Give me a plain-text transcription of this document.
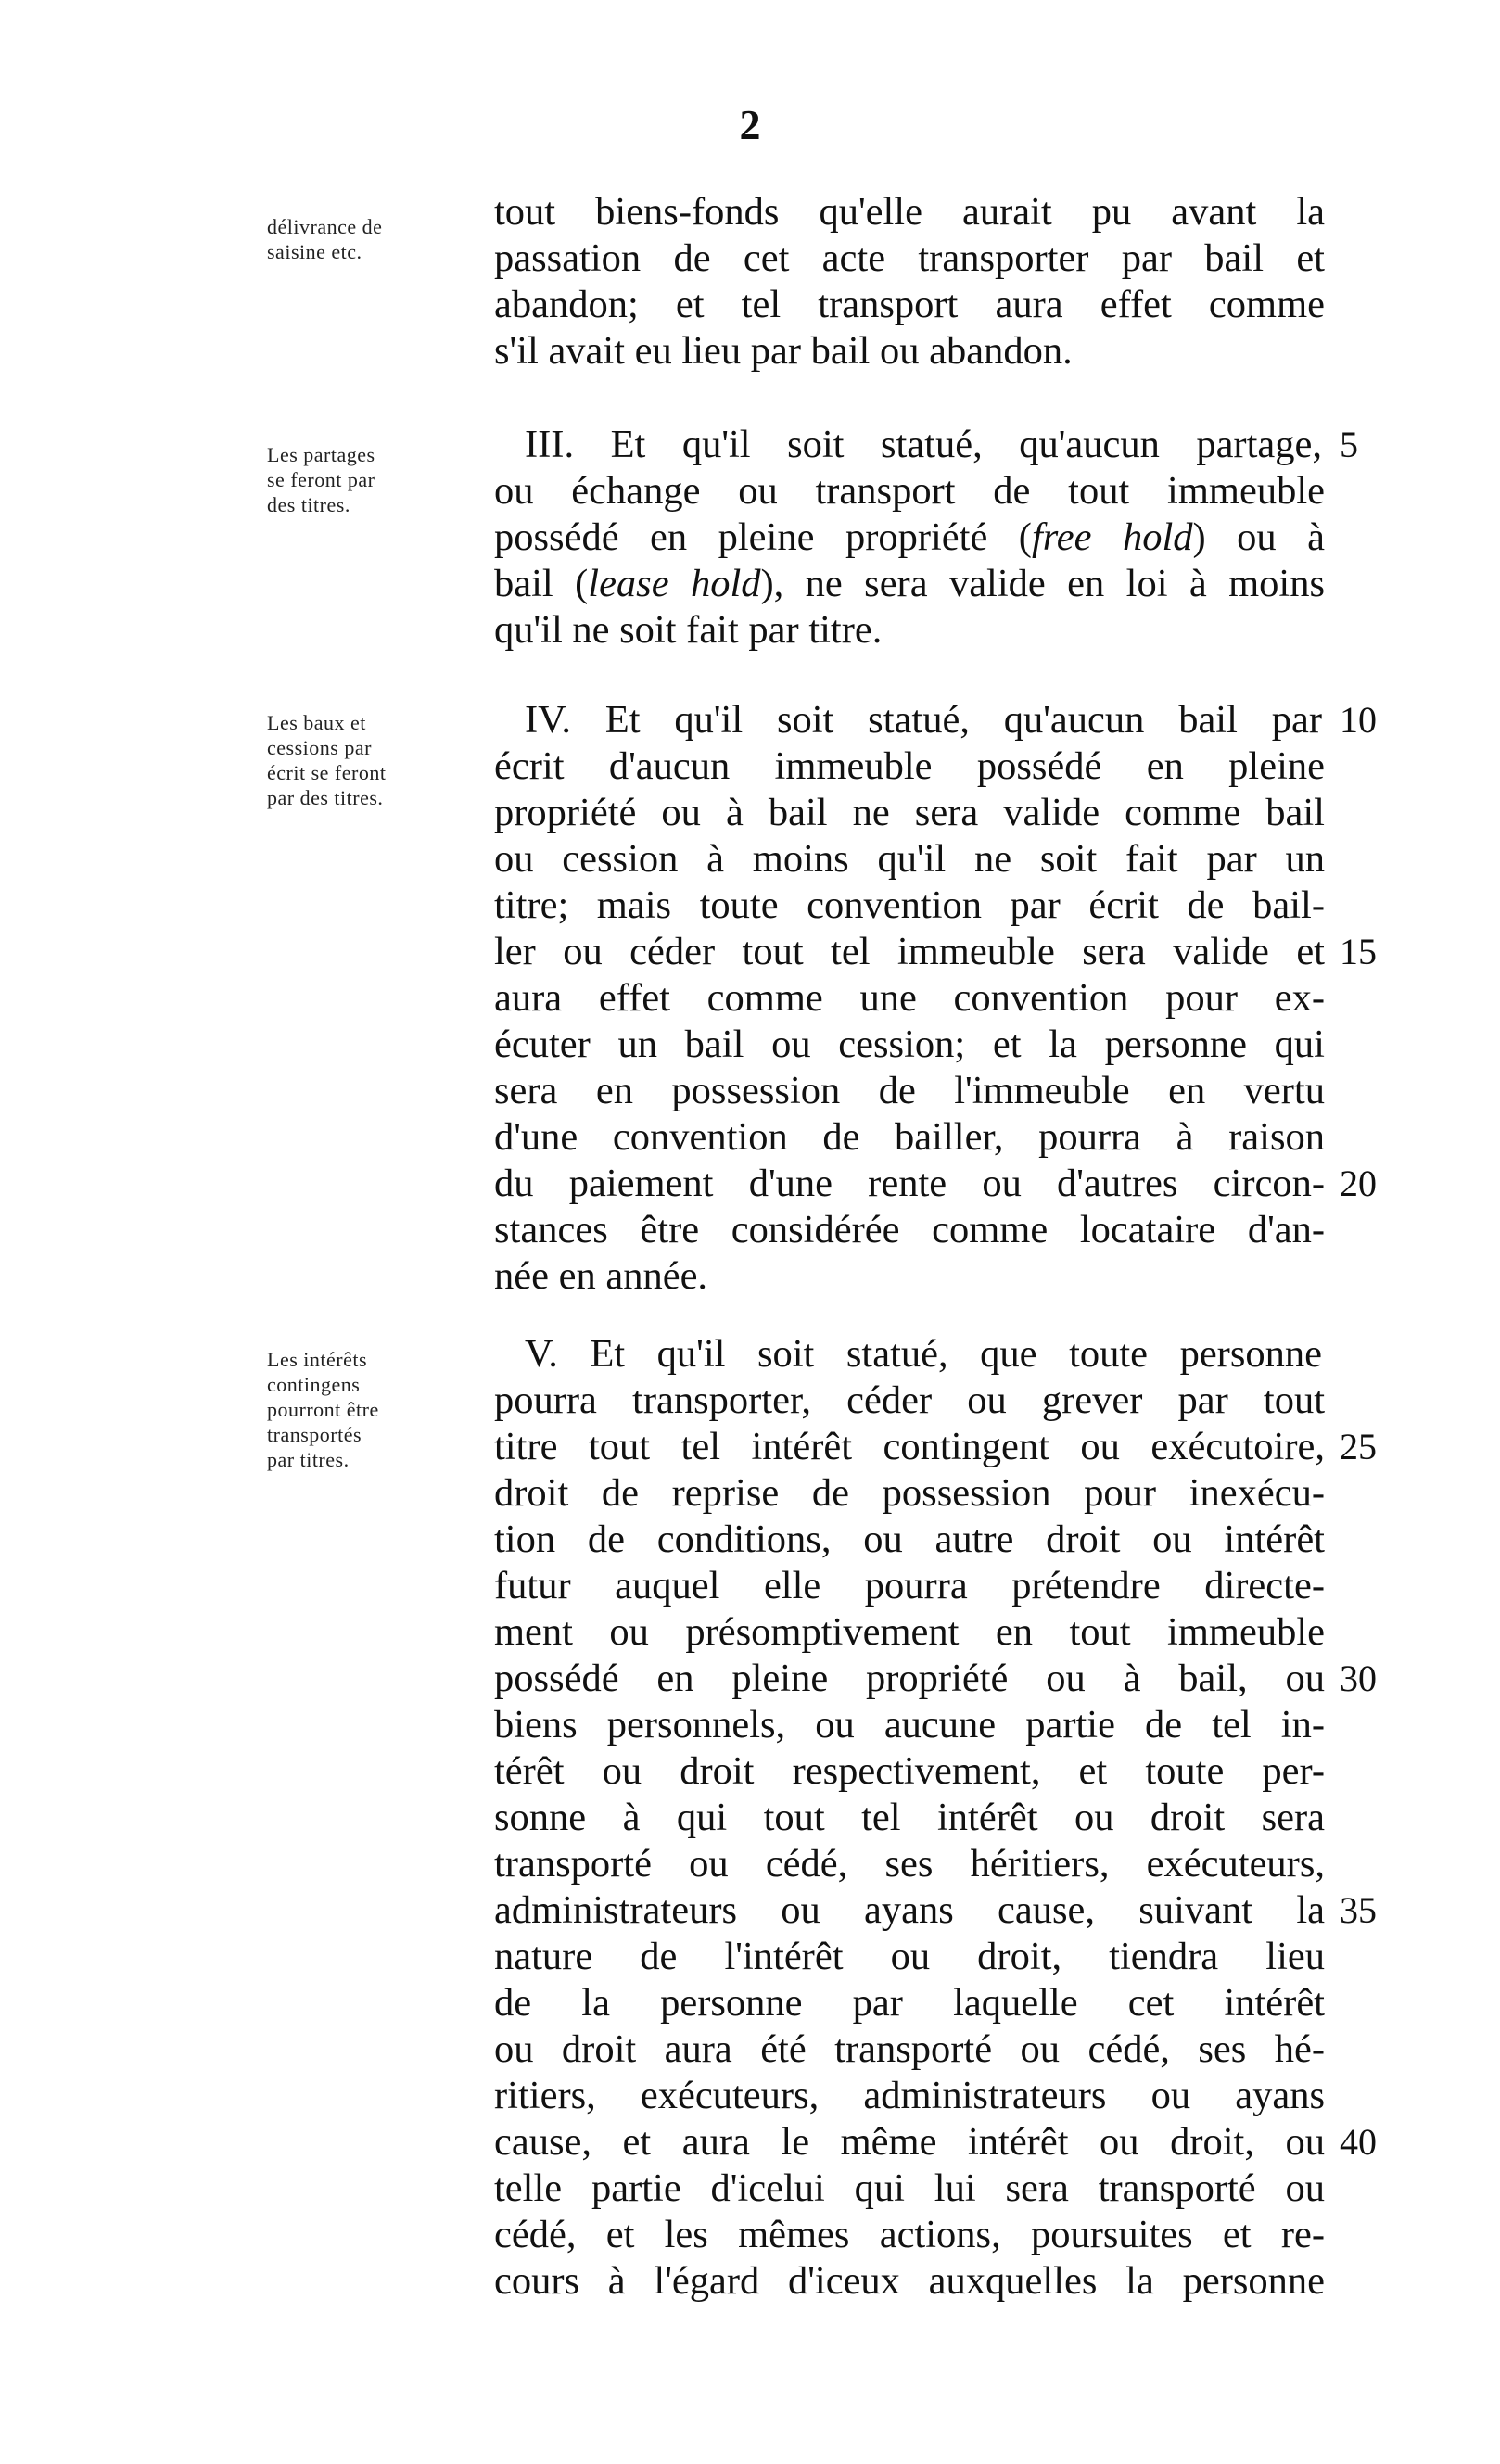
2
délivrance de
saisine etc.
tout biens-fonds qu'elle aurait pu avant la
passation de cet acte transporter par bail et
abandon; et tel transport aura effet comme
s'il avait eu lieu par bail ou abandon.
Les partages
se feront par
des titres.
III. Et qu'il soit statué, qu'aucun partage, 5
ou échange ou transport de tout immeuble
possédé en pleine propriété (free hold) ou à
bail (lease hold), ne sera valide en loi à moins
qu'il ne soit fait par titre.
Les baux et
cessions par
écrit se feront
par des titres.
IV. Et qu'il soit statué, qu'aucun bail par 10
écrit d'aucun immeuble possédé en pleine
propriété ou à bail ne sera valide comme bail
ou cession à moins qu'il ne soit fait par un
titre; mais toute convention par écrit de bail-
ler ou céder tout tel immeuble sera valide et 15
aura effet comme une convention pour ex-
écuter un bail ou cession; et la personne qui
sera en possession de l'immeuble en vertu
d'une convention de bailler, pourra à raison
du paiement d'une rente ou d'autres circon- 20
stances être considérée comme locataire d'an-
née en année.
Les intérêts
contingens
pourront être
transportés
par titres.
V. Et qu'il soit statué, que toute personne
pourra transporter, céder ou grever par tout
titre tout tel intérêt contingent ou exécutoire, 25
droit de reprise de possession pour inexécu-
tion de conditions, ou autre droit ou intérêt
futur auquel elle pourra prétendre directe-
ment ou présomptivement en tout immeuble
possédé en pleine propriété ou à bail, ou 30
biens personnels, ou aucune partie de tel in-
térêt ou droit respectivement, et toute per-
sonne à qui tout tel intérêt ou droit sera
transporté ou cédé, ses héritiers, exécuteurs,
administrateurs ou ayans cause, suivant la 35
nature de l'intérêt ou droit, tiendra lieu
de la personne par laquelle cet intérêt
ou droit aura été transporté ou cédé, ses hé-
ritiers, exécuteurs, administrateurs ou ayans
cause, et aura le même intérêt ou droit, ou 40
telle partie d'icelui qui lui sera transporté ou
cédé, et les mêmes actions, poursuites et re-
cours à l'égard d'iceux auxquelles la personne
